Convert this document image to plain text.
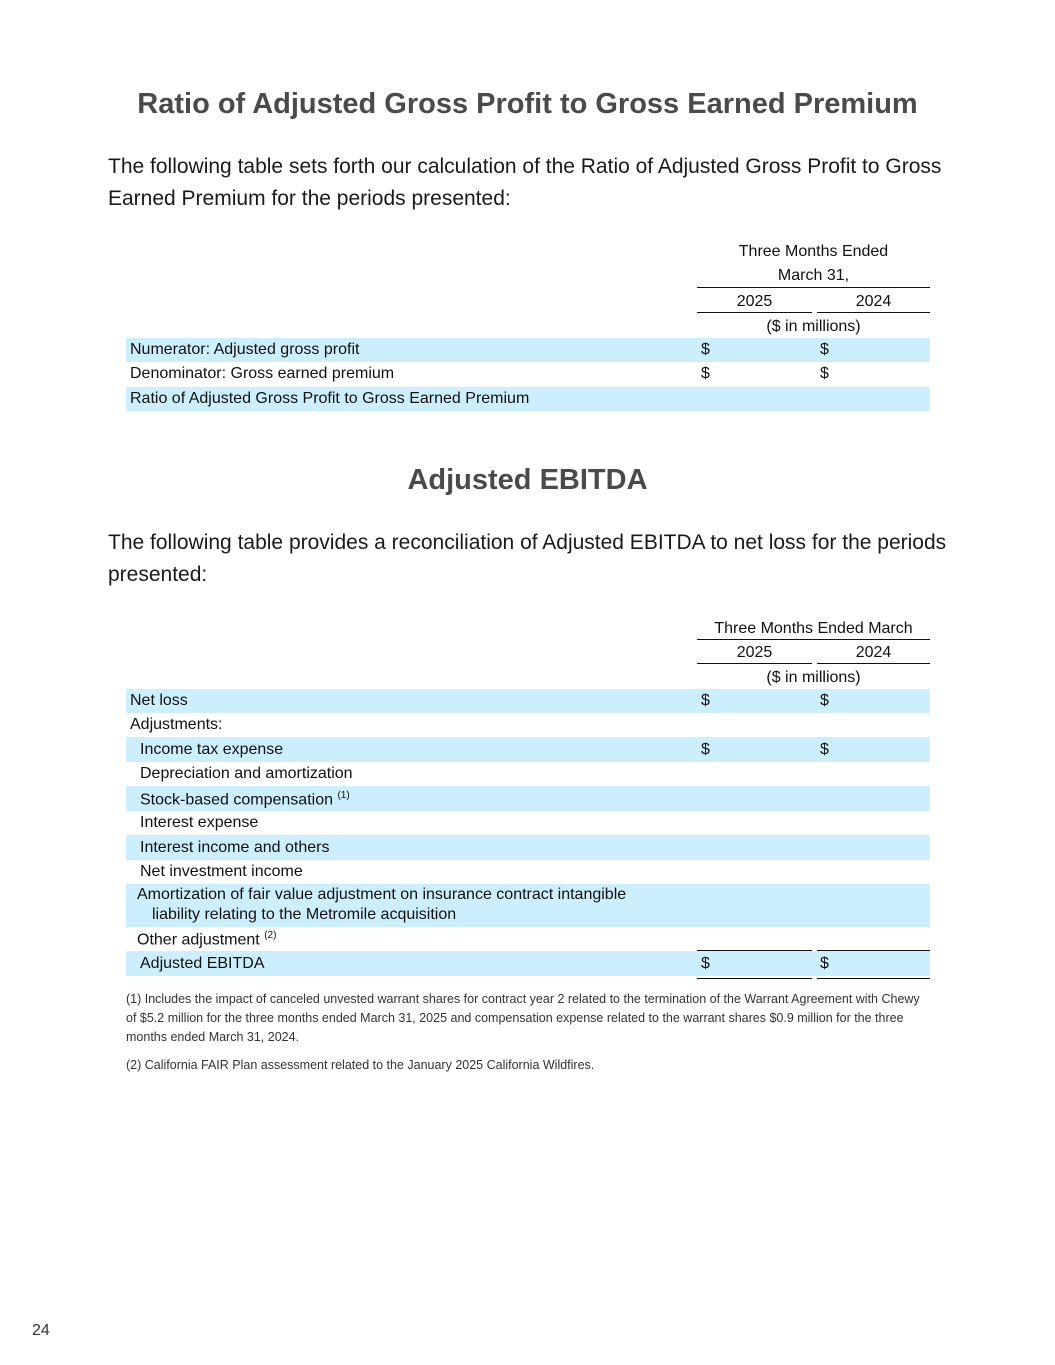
Ratio of Adjusted Gross Profit to Gross Earned Premium
The following table sets forth our calculation of the Ratio of Adjusted Gross Profit to Gross Earned Premium for the periods presented:
Three Months Ended
March 31,
2025	2024
($ in millions)
Numerator: Adjusted gross profit	$	$
Denominator: Gross earned premium	$	$
Ratio of Adjusted Gross Profit to Gross Earned Premium
Adjusted EBITDA
The following table provides a reconciliation of Adjusted EBITDA to net loss for the periods presented:
Three Months Ended March
2025	2024
($ in millions)
Net loss	$	$
Adjustments:
Income tax expense	$	$
Depreciation and amortization
Stock-based compensation $^{(1)}$
Interest expense
Interest income and others
Net investment income
Amortization of fair value adjustment on insurance contract intangible
liability relating to the Metromile acquisition
Other adjustment $^{(2)}$
Adjusted EBITDA	$	$
(1) Includes the impact of canceled unvested warrant shares for contract year 2 related to the termination of the Warrant Agreement with Chewy of $5.2 million for the three months ended March 31, 2025 and compensation expense related to the warrant shares $0.9 million for the three months ended March 31, 2024.
(2) California FAIR Plan assessment related to the January 2025 California Wildfires.
24
